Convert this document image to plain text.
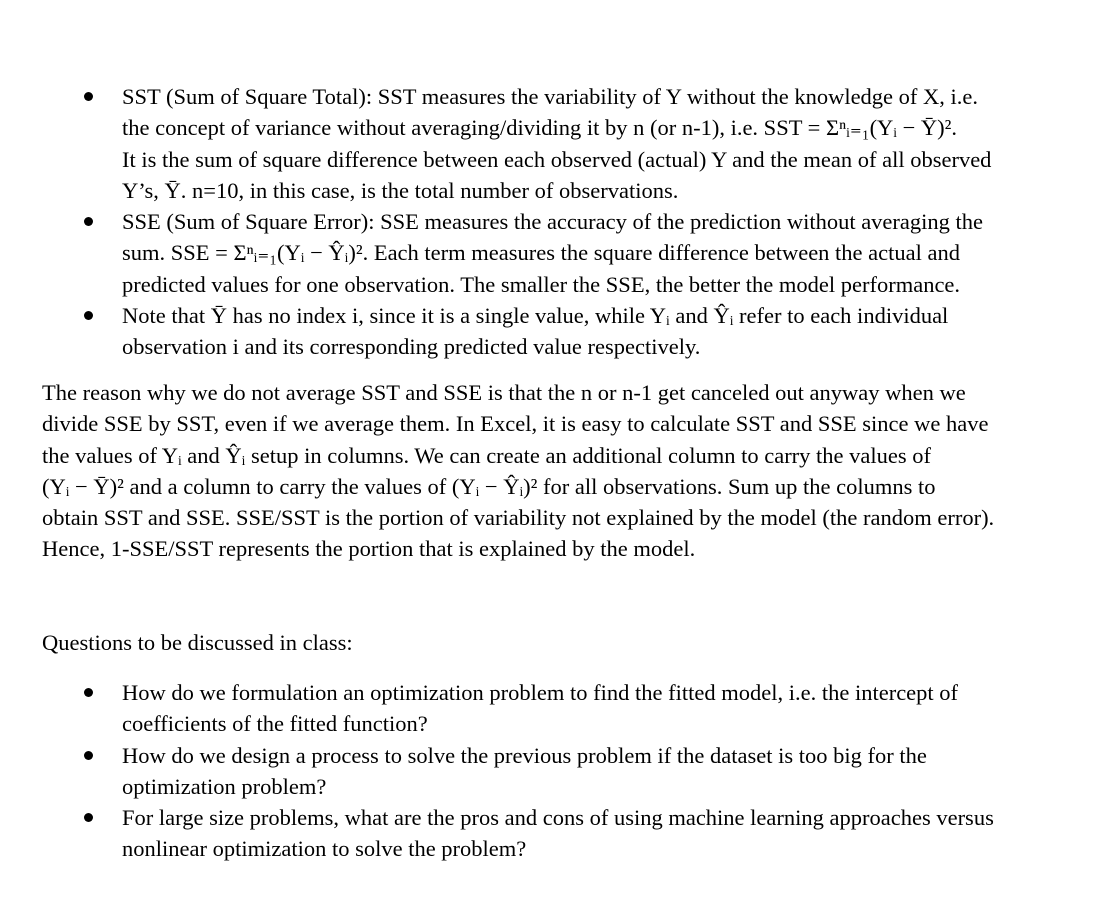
SST (Sum of Square Total): SST measures the variability of Y without the knowledge of X, i.e.
the concept of variance without averaging/dividing it by n (or n-1), i.e. SST = Σⁿᵢ₌₁(Yᵢ − Ȳ)².
It is the sum of square difference between each observed (actual) Y and the mean of all observed
Y’s, Ȳ. n=10, in this case, is the total number of observations.
SSE (Sum of Square Error): SSE measures the accuracy of the prediction without averaging the
sum. SSE = Σⁿᵢ₌₁(Yᵢ − Ŷᵢ)². Each term measures the square difference between the actual and
predicted values for one observation. The smaller the SSE, the better the model performance.
Note that Ȳ has no index i, since it is a single value, while Yᵢ and Ŷᵢ refer to each individual
observation i and its corresponding predicted value respectively.
The reason why we do not average SST and SSE is that the n or n-1 get canceled out anyway when we
divide SSE by SST, even if we average them. In Excel, it is easy to calculate SST and SSE since we have
the values of Yᵢ and Ŷᵢ setup in columns. We can create an additional column to carry the values of
(Yᵢ − Ȳ)² and a column to carry the values of (Yᵢ − Ŷᵢ)² for all observations. Sum up the columns to
obtain SST and SSE. SSE/SST is the portion of variability not explained by the model (the random error).
Hence, 1-SSE/SST represents the portion that is explained by the model.
Questions to be discussed in class:
How do we formulation an optimization problem to find the fitted model, i.e. the intercept of
coefficients of the fitted function?
How do we design a process to solve the previous problem if the dataset is too big for the
optimization problem?
For large size problems, what are the pros and cons of using machine learning approaches versus
nonlinear optimization to solve the problem?
